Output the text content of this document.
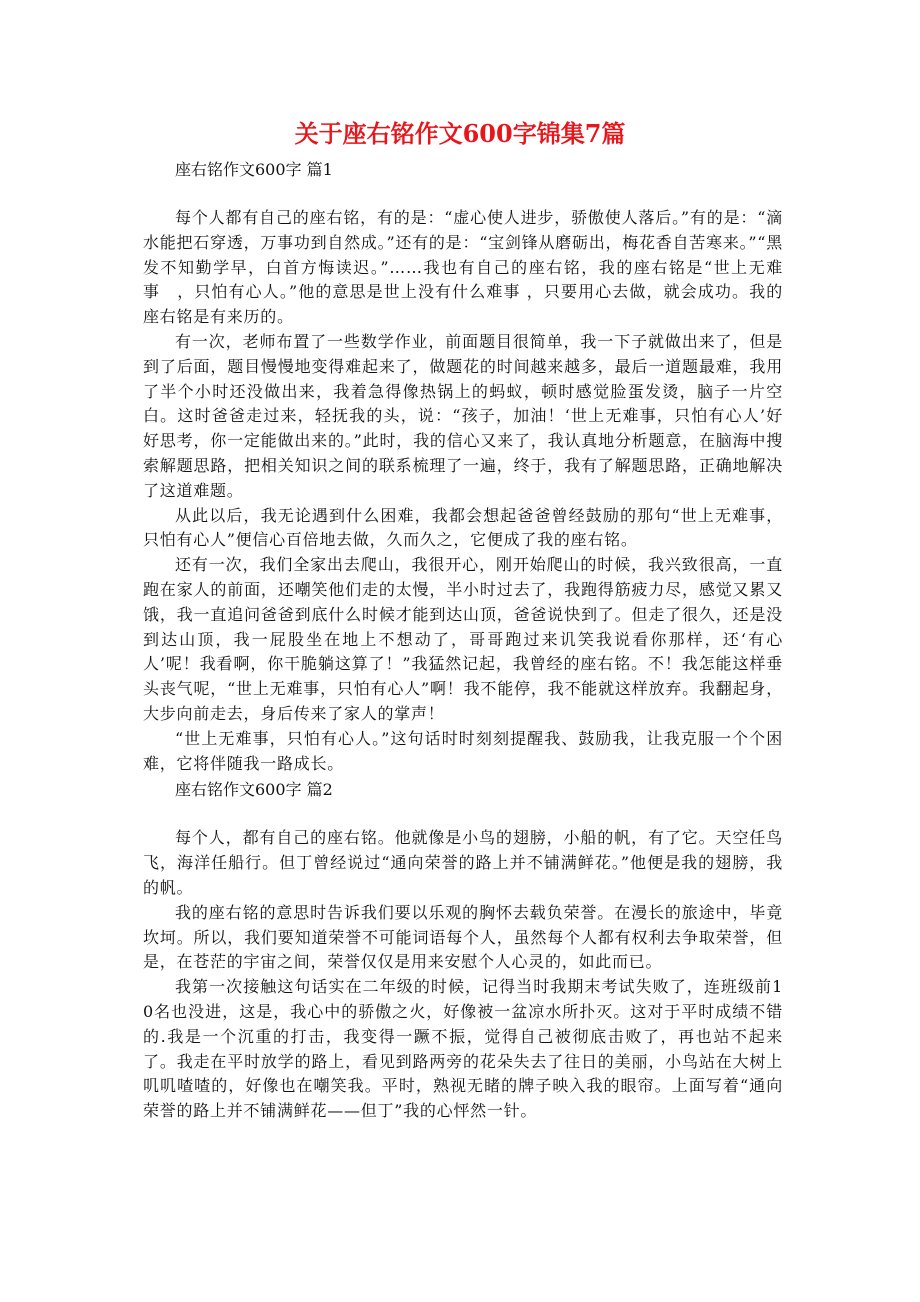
关于座右铭作文600字锦集7篇

座右铭作文600字 篇1

每个人都有自己的座右铭，有的是：“虚心使人进步，骄傲使人落后。”有的是：“滴水能把石穿透，万事功到自然成。”还有的是：“宝剑锋从磨砺出，梅花香自苦寒来。”“黑发不知勤学早，白首方悔读迟。”……我也有自己的座右铭，我的座右铭是“世上无难事　，只怕有心人。”他的意思是世上没有什么难事 ，只要用心去做，就会成功。我的座右铭是有来历的。

有一次，老师布置了一些数学作业，前面题目很简单，我一下子就做出来了，但是到了后面，题目慢慢地变得难起来了，做题花的时间越来越多，最后一道题最难，我用了半个小时还没做出来，我着急得像热锅上的蚂蚁，顿时感觉脸蛋发烫，脑子一片空白。这时爸爸走过来，轻抚我的头，说：“孩子，加油！‘世上无难事，只怕有心人’好好思考，你一定能做出来的。”此时，我的信心又来了，我认真地分析题意，在脑海中搜索解题思路，把相关知识之间的联系梳理了一遍，终于，我有了解题思路，正确地解决了这道难题。

从此以后，我无论遇到什么困难，我都会想起爸爸曾经鼓励的那句“世上无难事，只怕有心人”便信心百倍地去做，久而久之，它便成了我的座右铭。

还有一次，我们全家出去爬山，我很开心，刚开始爬山的时候，我兴致很高，一直跑在家人的前面，还嘲笑他们走的太慢，半小时过去了，我跑得筋疲力尽，感觉又累又饿，我一直追问爸爸到底什么时候才能到达山顶，爸爸说快到了。但走了很久，还是没到达山顶，我一屁股坐在地上不想动了，哥哥跑过来讥笑我说看你那样，还‘有心人’呢！我看啊，你干脆躺这算了！”我猛然记起，我曾经的座右铭。不！我怎能这样垂头丧气呢，“世上无难事，只怕有心人”啊！我不能停，我不能就这样放弃。我翻起身，大步向前走去，身后传来了家人的掌声！

“世上无难事，只怕有心人。”这句话时时刻刻提醒我、鼓励我，让我克服一个个困难，它将伴随我一路成长。

座右铭作文600字 篇2

每个人，都有自己的座右铭。他就像是小鸟的翅膀，小船的帆，有了它。天空任鸟飞，海洋任船行。但丁曾经说过“通向荣誉的路上并不铺满鲜花。”他便是我的翅膀，我的帆。

我的座右铭的意思时告诉我们要以乐观的胸怀去载负荣誉。在漫长的旅途中，毕竟坎坷。所以，我们要知道荣誉不可能词语每个人，虽然每个人都有权利去争取荣誉，但是，在苍茫的宇宙之间，荣誉仅仅是用来安慰个人心灵的，如此而已。

我第一次接触这句话实在二年级的时候，记得当时我期末考试失败了，连班级前10名也没进，这是，我心中的骄傲之火，好像被一盆凉水所扑灭。这对于平时成绩不错的.我是一个沉重的打击，我变得一蹶不振，觉得自己被彻底击败了，再也站不起来了。我走在平时放学的路上，看见到路两旁的花朵失去了往日的美丽，小鸟站在大树上叽叽喳喳的，好像也在嘲笑我。平时，熟视无睹的牌子映入我的眼帘。上面写着“通向荣誉的路上并不铺满鲜花——但丁”我的心怦然一针。
